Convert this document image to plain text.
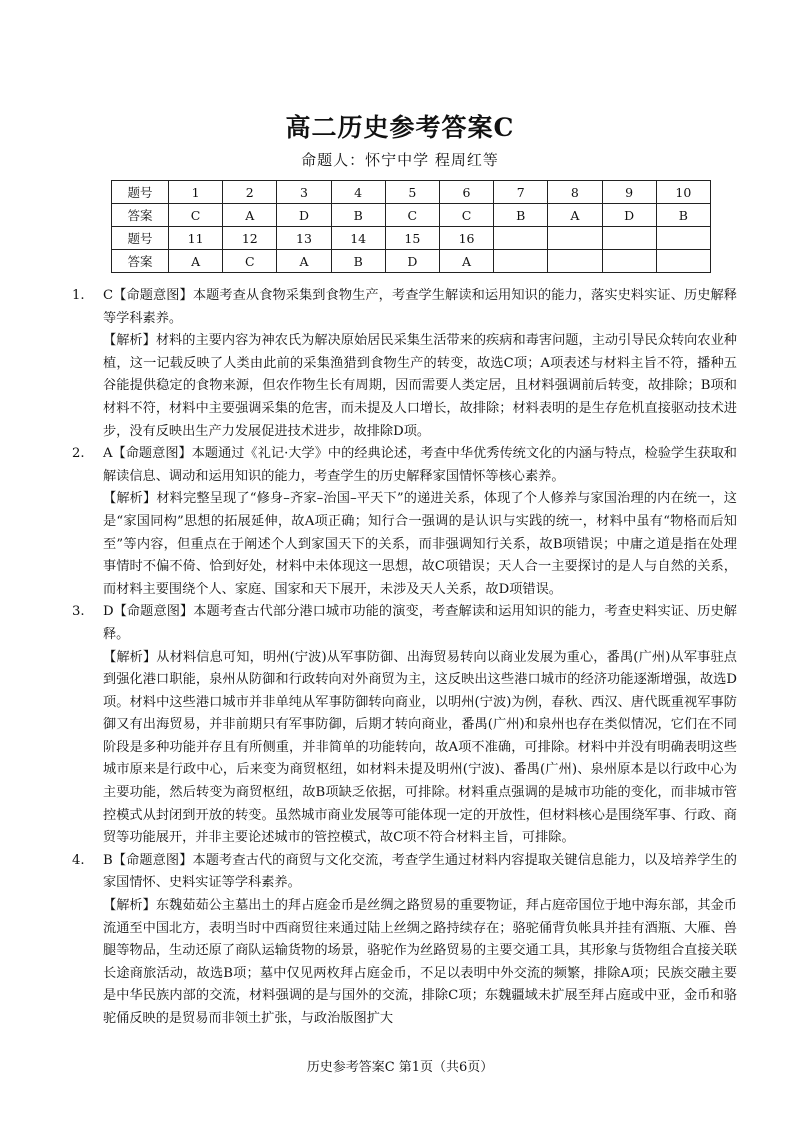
高二历史参考答案C
命题人：怀宁中学 程周红等
题号	1	2	3	4	5	6	7	8	9	10
答案	C	A	D	B	C	C	B	A	D	B
题号	11	12	13	14	15	16				
答案	A	C	A	B	D	A				
1. C【命题意图】本题考查从食物采集到食物生产，考查学生解读和运用知识的能力，落实史料实证、历史解释等学科素养。

【解析】材料的主要内容为神农氏为解决原始居民采集生活带来的疾病和毒害问题，主动引导民众转向农业种植，这一记载反映了人类由此前的采集渔猎到食物生产的转变，故选C项；A项表述与材料主旨不符，播种五谷能提供稳定的食物来源，但农作物生长有周期，因而需要人类定居，且材料强调前后转变，故排除；B项和材料不符，材料中主要强调采集的危害，而未提及人口增长，故排除；材料表明的是生存危机直接驱动技术进步，没有反映出生产力发展促进技术进步，故排除D项。

2. A【命题意图】本题通过《礼记·大学》中的经典论述，考查中华优秀传统文化的内涵与特点，检验学生获取和解读信息、调动和运用知识的能力，考查学生的历史解释家国情怀等核心素养。

【解析】材料完整呈现了“修身–齐家–治国–平天下”的递进关系，体现了个人修养与家国治理的内在统一，这是“家国同构”思想的拓展延伸，故A项正确；知行合一强调的是认识与实践的统一，材料中虽有“物格而后知至”等内容，但重点在于阐述个人到家国天下的关系，而非强调知行关系，故B项错误；中庸之道是指在处理事情时不偏不倚、恰到好处，材料中未体现这一思想，故C项错误；天人合一主要探讨的是人与自然的关系，而材料主要围绕个人、家庭、国家和天下展开，未涉及天人关系，故D项错误。

3. D【命题意图】本题考查古代部分港口城市功能的演变，考查解读和运用知识的能力，考查史料实证、历史解释。

【解析】从材料信息可知，明州(宁波)从军事防御、出海贸易转向以商业发展为重心，番禺(广州)从军事驻点到强化港口职能，泉州从防御和行政转向对外商贸为主，这反映出这些港口城市的经济功能逐渐增强，故选D项。材料中这些港口城市并非单纯从军事防御转向商业，以明州(宁波)为例，春秋、西汉、唐代既重视军事防御又有出海贸易，并非前期只有军事防御，后期才转向商业，番禺(广州)和泉州也存在类似情况，它们在不同阶段是多种功能并存且有所侧重，并非简单的功能转向，故A项不准确，可排除。材料中并没有明确表明这些城市原来是行政中心，后来变为商贸枢纽，如材料未提及明州(宁波)、番禺(广州)、泉州原本是以行政中心为主要功能，然后转变为商贸枢纽，故B项缺乏依据，可排除。材料重点强调的是城市功能的变化，而非城市管控模式从封闭到开放的转变。虽然城市商业发展等可能体现一定的开放性，但材料核心是围绕军事、行政、商贸等功能展开，并非主要论述城市的管控模式，故C项不符合材料主旨，可排除。

4. B【命题意图】本题考查古代的商贸与文化交流，考查学生通过材料内容提取关键信息能力，以及培养学生的家国情怀、史料实证等学科素养。

【解析】东魏茹茹公主墓出土的拜占庭金币是丝绸之路贸易的重要物证，拜占庭帝国位于地中海东部，其金币流通至中国北方，表明当时中西商贸往来通过陆上丝绸之路持续存在；骆驼俑背负帐具并挂有酒瓶、大雁、兽腿等物品，生动还原了商队运输货物的场景，骆驼作为丝路贸易的主要交通工具，其形象与货物组合直接关联长途商旅活动，故选B项；墓中仅见两枚拜占庭金币，不足以表明中外交流的频繁，排除A项；民族交融主要是中华民族内部的交流，材料强调的是与国外的交流，排除C项；东魏疆域未扩展至拜占庭或中亚，金币和骆驼俑反映的是贸易而非领土扩张，与政治版图扩大

历史参考答案C 第1页（共6页）
